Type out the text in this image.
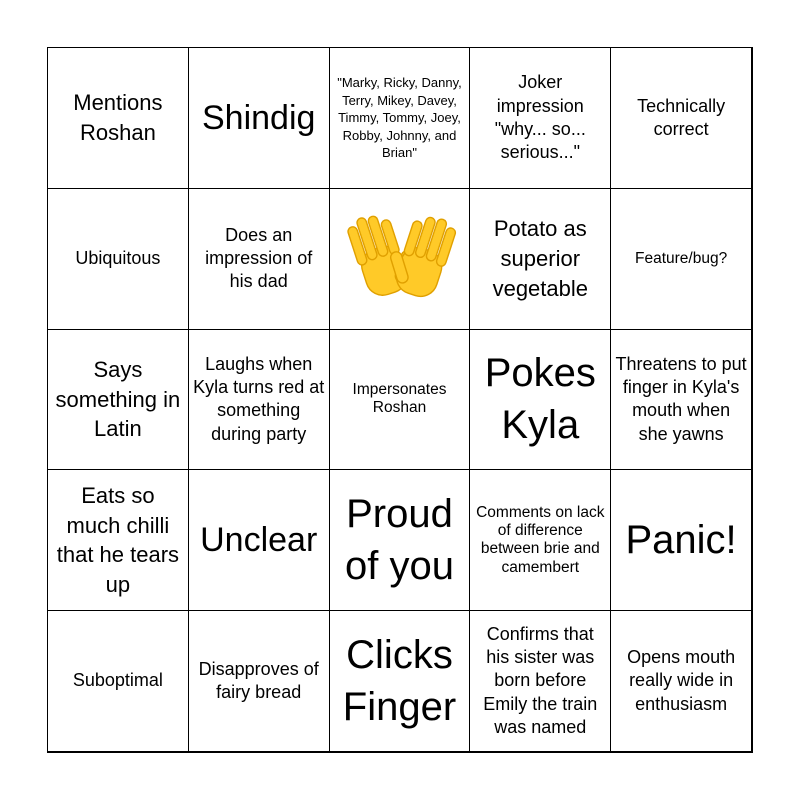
Mentions Roshan	Shindig
"Marky, Ricky, Danny, Terry, Mikey, Davey, Timmy, Tommy, Joey, Robby, Johnny, and Brian"
Joker impression "why... so... serious..."
Technically correct
Ubiquitous
Does an impression of his dad
Potato as superior vegetable
Feature/bug?
Says something in Latin
Laughs when Kyla turns red at something during party
Impersonates Roshan
Pokes Kyla
Threatens to put finger in Kyla's mouth when she yawns
Eats so much chilli that he tears up
Unclear
Proud of you
Comments on lack of difference between brie and camembert
Panic!
Suboptimal
Disapproves of fairy bread
Clicks Finger
Confirms that his sister was born before Emily the train was named
Opens mouth really wide in enthusiasm
